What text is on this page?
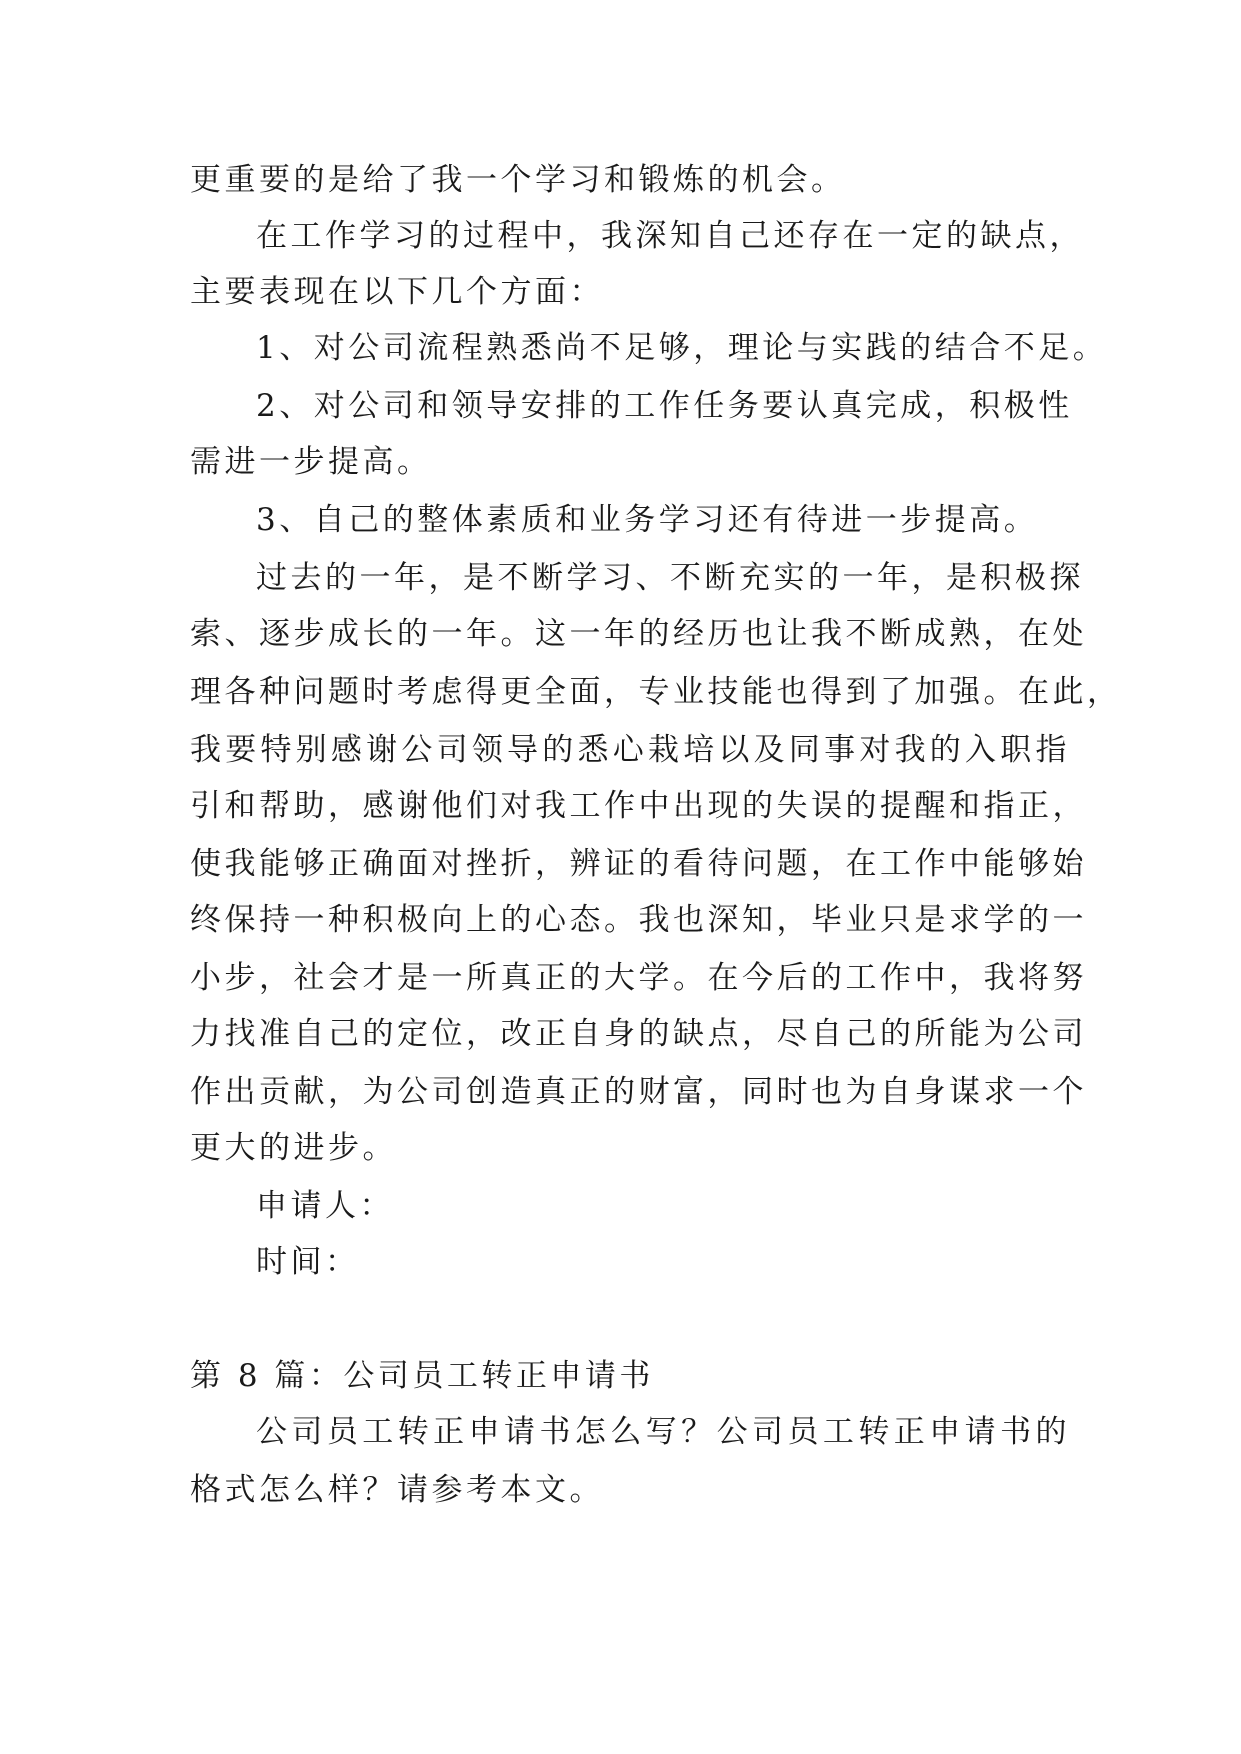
更重要的是给了我一个学习和锻炼的机会。
在工作学习的过程中，我深知自己还存在一定的缺点，
主要表现在以下几个方面：
1、对公司流程熟悉尚不足够，理论与实践的结合不足。
2、对公司和领导安排的工作任务要认真完成，积极性
需进一步提高。
3、自己的整体素质和业务学习还有待进一步提高。
过去的一年，是不断学习、不断充实的一年，是积极探
索、逐步成长的一年。这一年的经历也让我不断成熟，在处
理各种问题时考虑得更全面，专业技能也得到了加强。在此，
我要特别感谢公司领导的悉心栽培以及同事对我的入职指
引和帮助，感谢他们对我工作中出现的失误的提醒和指正，
使我能够正确面对挫折，辨证的看待问题，在工作中能够始
终保持一种积极向上的心态。我也深知，毕业只是求学的一
小步，社会才是一所真正的大学。在今后的工作中，我将努
力找准自己的定位，改正自身的缺点，尽自己的所能为公司
作出贡献，为公司创造真正的财富，同时也为自身谋求一个
更大的进步。
申请人：
时间：
第 8 篇：公司员工转正申请书
公司员工转正申请书怎么写？公司员工转正申请书的
格式怎么样？请参考本文。
